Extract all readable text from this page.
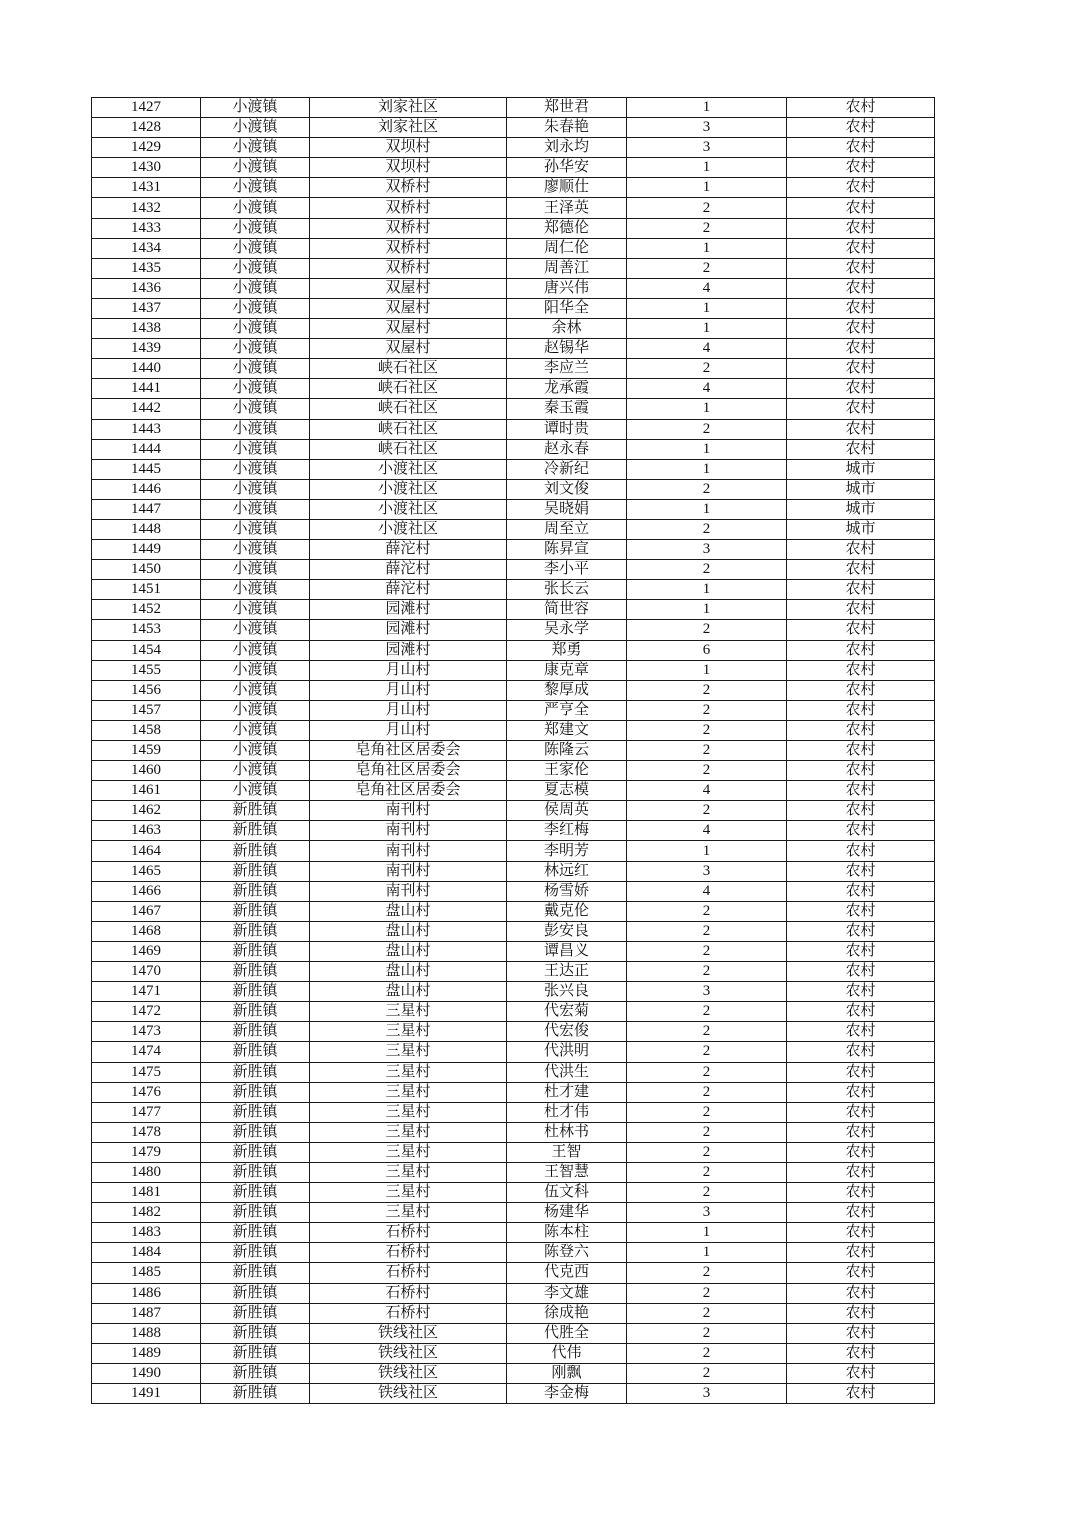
1427	小渡镇	刘家社区	郑世君	1	农村
1428	小渡镇	刘家社区	朱春艳	3	农村
1429	小渡镇	双坝村	刘永均	3	农村
1430	小渡镇	双坝村	孙华安	1	农村
1431	小渡镇	双桥村	廖顺仕	1	农村
1432	小渡镇	双桥村	王泽英	2	农村
1433	小渡镇	双桥村	郑德伦	2	农村
1434	小渡镇	双桥村	周仁伦	1	农村
1435	小渡镇	双桥村	周善江	2	农村
1436	小渡镇	双屋村	唐兴伟	4	农村
1437	小渡镇	双屋村	阳华全	1	农村
1438	小渡镇	双屋村	余林	1	农村
1439	小渡镇	双屋村	赵锡华	4	农村
1440	小渡镇	峡石社区	李应兰	2	农村
1441	小渡镇	峡石社区	龙承霞	4	农村
1442	小渡镇	峡石社区	秦玉霞	1	农村
1443	小渡镇	峡石社区	谭时贵	2	农村
1444	小渡镇	峡石社区	赵永春	1	农村
1445	小渡镇	小渡社区	冷新纪	1	城市
1446	小渡镇	小渡社区	刘文俊	2	城市
1447	小渡镇	小渡社区	吴晓娟	1	城市
1448	小渡镇	小渡社区	周至立	2	城市
1449	小渡镇	薛沱村	陈昇宣	3	农村
1450	小渡镇	薛沱村	李小平	2	农村
1451	小渡镇	薛沱村	张长云	1	农村
1452	小渡镇	园滩村	简世容	1	农村
1453	小渡镇	园滩村	吴永学	2	农村
1454	小渡镇	园滩村	郑勇	6	农村
1455	小渡镇	月山村	康克章	1	农村
1456	小渡镇	月山村	黎厚成	2	农村
1457	小渡镇	月山村	严亨全	2	农村
1458	小渡镇	月山村	郑建文	2	农村
1459	小渡镇	皂角社区居委会	陈隆云	2	农村
1460	小渡镇	皂角社区居委会	王家伦	2	农村
1461	小渡镇	皂角社区居委会	夏志模	4	农村
1462	新胜镇	南刊村	侯周英	2	农村
1463	新胜镇	南刊村	李红梅	4	农村
1464	新胜镇	南刊村	李明芳	1	农村
1465	新胜镇	南刊村	林远红	3	农村
1466	新胜镇	南刊村	杨雪娇	4	农村
1467	新胜镇	盘山村	戴克伦	2	农村
1468	新胜镇	盘山村	彭安良	2	农村
1469	新胜镇	盘山村	谭昌义	2	农村
1470	新胜镇	盘山村	王达正	2	农村
1471	新胜镇	盘山村	张兴良	3	农村
1472	新胜镇	三星村	代宏菊	2	农村
1473	新胜镇	三星村	代宏俊	2	农村
1474	新胜镇	三星村	代洪明	2	农村
1475	新胜镇	三星村	代洪生	2	农村
1476	新胜镇	三星村	杜才建	2	农村
1477	新胜镇	三星村	杜才伟	2	农村
1478	新胜镇	三星村	杜林书	2	农村
1479	新胜镇	三星村	王智	2	农村
1480	新胜镇	三星村	王智慧	2	农村
1481	新胜镇	三星村	伍文科	2	农村
1482	新胜镇	三星村	杨建华	3	农村
1483	新胜镇	石桥村	陈本柱	1	农村
1484	新胜镇	石桥村	陈登六	1	农村
1485	新胜镇	石桥村	代克西	2	农村
1486	新胜镇	石桥村	李文雄	2	农村
1487	新胜镇	石桥村	徐成艳	2	农村
1488	新胜镇	铁线社区	代胜全	2	农村
1489	新胜镇	铁线社区	代伟	2	农村
1490	新胜镇	铁线社区	刚飘	2	农村
1491	新胜镇	铁线社区	李金梅	3	农村
